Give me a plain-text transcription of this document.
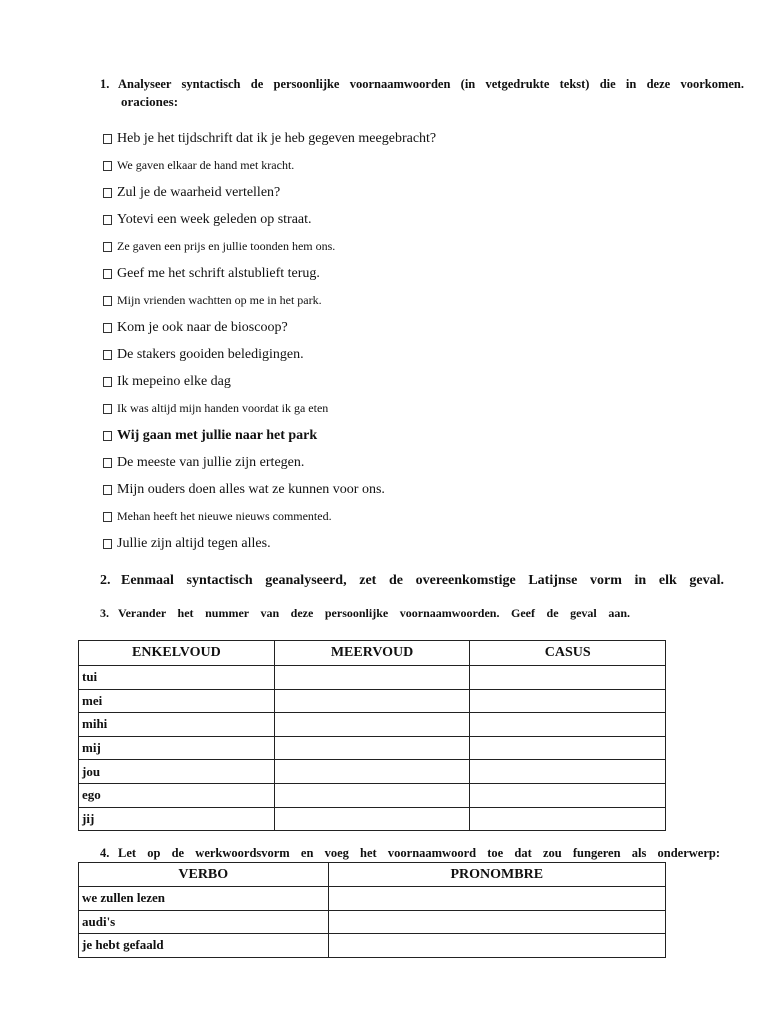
1. Analyseer syntactisch de persoonlijke voornaamwoorden (in vetgedrukte tekst) die in deze voorkomen.
oraciones:
Heb je het tijdschrift dat ik je heb gegeven meegebracht?
We gaven elkaar de hand met kracht.
Zul je de waarheid vertellen?
Yotevi een week geleden op straat.
Ze gaven een prijs en jullie toonden hem ons.
Geef me het schrift alstublieft terug.
Mijn vrienden wachtten op me in het park.
Kom je ook naar de bioscoop?
De stakers gooiden beledigingen.
Ik mepeino elke dag
Ik was altijd mijn handen voordat ik ga eten
Wij gaan met jullie naar het park
De meeste van jullie zijn ertegen.
Mijn ouders doen alles wat ze kunnen voor ons.
Mehan heeft het nieuwe nieuws commented.
Jullie zijn altijd tegen alles.
2. Eenmaal syntactisch geanalyseerd, zet de overeenkomstige Latijnse vorm in elk geval.
3. Verander het nummer van deze persoonlijke voornaamwoorden. Geef de geval aan.
ENKELVOUD	MEERVOUD	CASUS
tui		
mei		
mihi		
mij		
jou		
ego		
jij		
4. Let op de werkwoordsvorm en voeg het voornaamwoord toe dat zou fungeren als onderwerp:
VERBO	PRONOMBRE
we zullen lezen	
audi's	
je hebt gefaald	
